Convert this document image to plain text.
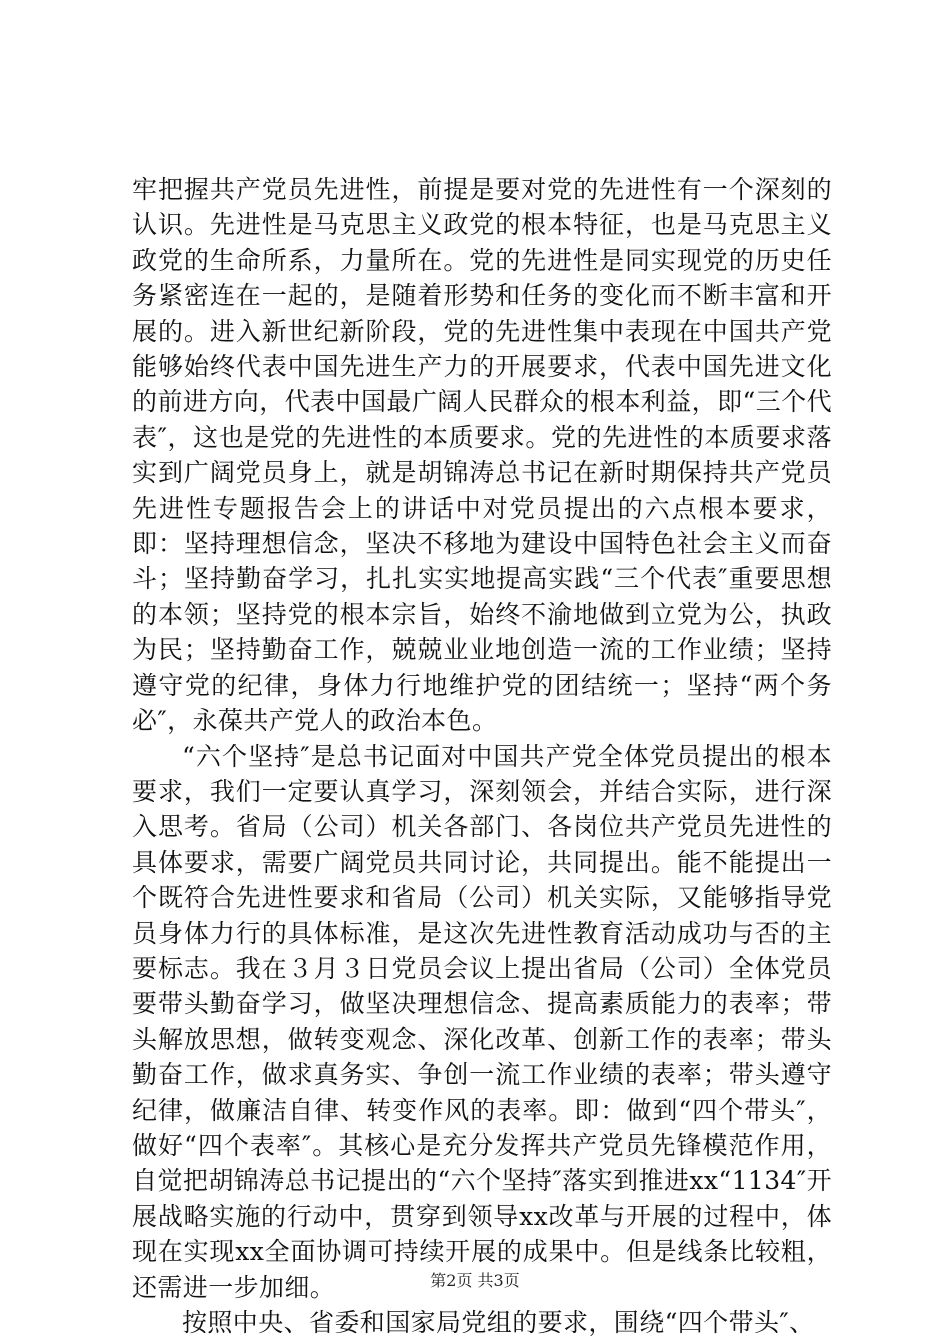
牢把握共产党员先进性，前提是要对党的先进性有一个深刻的认识。先进性是马克思主义政党的根本特征，也是马克思主义政党的生命所系，力量所在。党的先进性是同实现党的历史任务紧密连在一起的，是随着形势和任务的变化而不断丰富和开展的。进入新世纪新阶段，党的先进性集中表现在中国共产党能够始终代表中国先进生产力的开展要求，代表中国先进文化的前进方向，代表中国最广阔人民群众的根本利益，即“三个代表″，这也是党的先进性的本质要求。党的先进性的本质要求落实到广阔党员身上，就是胡锦涛总书记在新时期保持共产党员先进性专题报告会上的讲话中对党员提出的六点根本要求，即：坚持理想信念，坚决不移地为建设中国特色社会主义而奋斗；坚持勤奋学习，扎扎实实地提高实践“三个代表″重要思想的本领；坚持党的根本宗旨，始终不渝地做到立党为公，执政为民；坚持勤奋工作，兢兢业业地创造一流的工作业绩；坚持遵守党的纪律，身体力行地维护党的团结统一；坚持“两个务必″，永葆共产党人的政治本色。

“六个坚持″是总书记面对中国共产党全体党员提出的根本要求，我们一定要认真学习，深刻领会，并结合实际，进行深入思考。省局（公司）机关各部门、各岗位共产党员先进性的具体要求，需要广阔党员共同讨论，共同提出。能不能提出一个既符合先进性要求和省局（公司）机关实际，又能够指导党员身体力行的具体标准，是这次先进性教育活动成功与否的主要标志。我在３月３日党员会议上提出省局（公司）全体党员要带头勤奋学习，做坚决理想信念、提高素质能力的表率；带头解放思想，做转变观念、深化改革、创新工作的表率；带头勤奋工作，做求真务实、争创一流工作业绩的表率；带头遵守纪律，做廉洁自律、转变作风的表率。即：做到“四个带头″，做好“四个表率″。其核心是充分发挥共产党员先锋模范作用，自觉把胡锦涛总书记提出的“六个坚持″落实到推进xx“1134″开展战略实施的行动中，贯穿到领导xx改革与开展的过程中，体现在实现xx全面协调可持续开展的成果中。但是线条比较粗，还需进一步加细。

按照中央、省委和国家局党组的要求，围绕“四个带头″、

第2页 共3页
